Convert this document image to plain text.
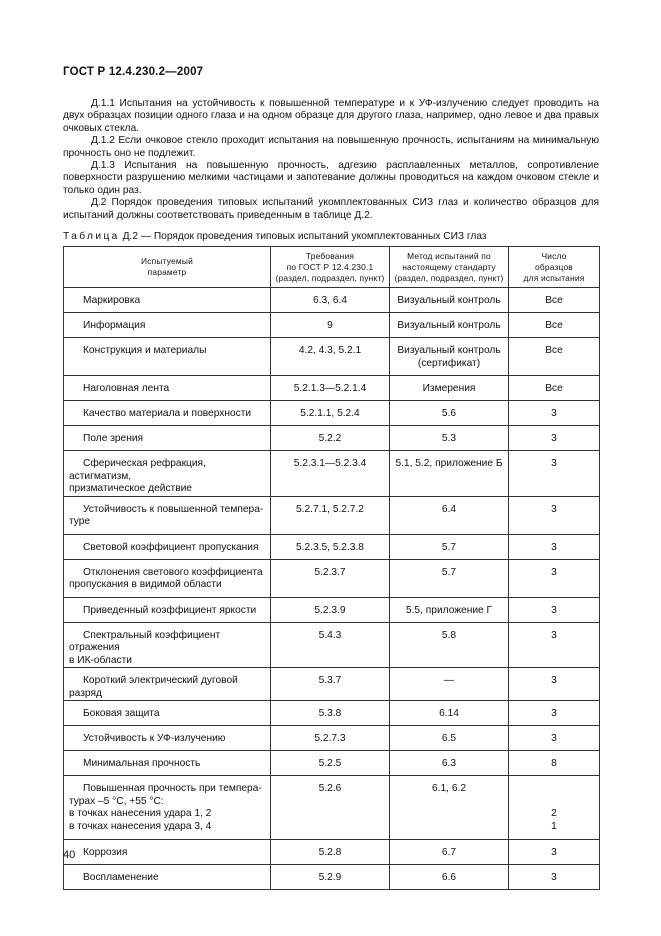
ГОСТ Р 12.4.230.2—2007

Д.1.1 Испытания на устойчивость к повышенной температуре и к УФ-излучению следует проводить на двух образцах позиции одного глаза и на одном образце для другого глаза, например, одно левое и два правых очковых стекла.

Д.1.2 Если очковое стекло проходит испытания на повышенную прочность, испытаниям на минимальную прочность оно не подлежит.

Д.1.3 Испытания на повышенную прочность, адгезию расплавленных металлов, сопротивление поверхности разрушению мелкими частицами и запотевание должны проводиться на каждом очковом стекле и только один раз.

Д.2 Порядок проведения типовых испытаний укомплектованных СИЗ глаз и количество образцов для испытаний должны соответствовать приведенным в таблице Д.2.

Таблица Д.2 — Порядок проведения типовых испытаний укомплектованных СИЗ глаз
Испытуемый
параметр	Требования
по ГОСТ Р 12.4.230.1
(раздел, подраздел, пункт)	Метод испытаний по
настоящему стандарту
(раздел, подраздел, пункт)	Число
образцов
для испытания
Маркировка	6.3, 6.4	Визуальный контроль	Все
Информация	9	Визуальный контроль	Все
Конструкция и материалы	4.2, 4.3, 5.2.1	Визуальный контроль
(сертификат)	Все
Наголовная лента	5.2.1.3—5.2.1.4	Измерения	Все
Качество материала и поверхности	5.2.1.1, 5.2.4	5.6	3
Поле зрения	5.2.2	5.3	3
Сферическая рефракция, астигматизм,
призматическое действие	5.2.3.1—5.2.3.4	5.1, 5.2, приложение Б	3
Устойчивость к повышенной темпера-
туре	5.2.7.1, 5.2.7.2	6.4	3
Световой коэффициент пропускания	5.2.3.5, 5.2.3.8	5.7	3
Отклонения светового коэффициента
пропускания в видимой области	5.2.3.7	5.7	3
Приведенный коэффициент яркости	5.2.3.9	5.5, приложение Г	3
Спектральный коэффициент отражения
в ИК-области	5.4.3	5.8	3
Короткий электрический дуговой разряд	5.3.7	—	3
Боковая защита	5.3.8	6.14	3
Устойчивость к УФ-излучению	5.2.7.3	6.5	3
Минимальная прочность	5.2.5	6.3	8
Повышенная прочность при темпера-
турах –5 °С, +55 °С:
в точках нанесения удара 1, 2
в точках нанесения удара 3, 4	5.2.6	6.1, 6.2	2
1
Коррозия	5.2.8	6.7	3
Воспламенение	5.2.9	6.6	3
40
